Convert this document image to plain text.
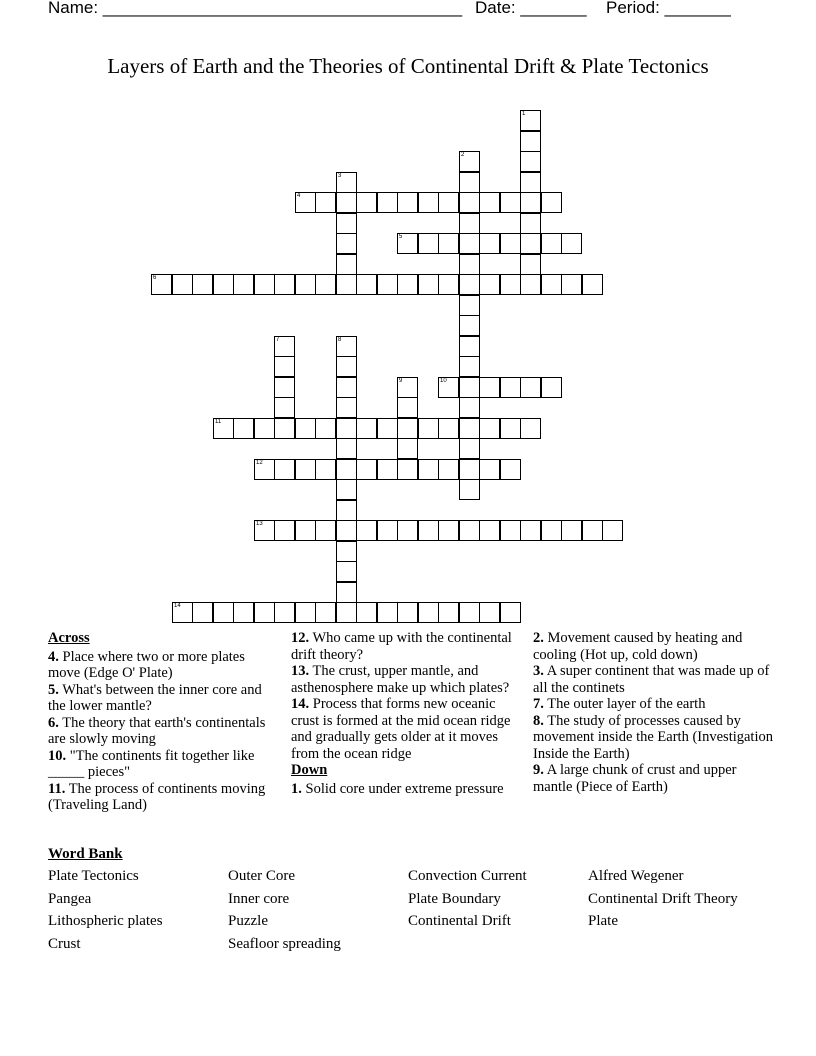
Name: ______________________________________

Date: _______

Period: _______

Layers of Earth and the Theories of Continental Drift & Plate Tectonics
1
2
3
4
5
6
7	8
9	10
11
12
13
14
Across
4. Place where two or more plates move (Edge O' Plate)
5. What's between the inner core and the lower mantle?
6. The theory that earth's continentals are slowly moving
10. "The continents fit together like _____ pieces"
11. The process of continents moving (Traveling Land)
12. Who came up with the continental drift theory?
13. The crust, upper mantle, and asthenosphere make up which plates?
14. Process that forms new oceanic crust is formed at the mid ocean ridge and gradually gets older at it moves from the ocean ridge
Down
1. Solid core under extreme pressure
2. Movement caused by heating and cooling (Hot up, cold down)
3. A super continent that was made up of all the continets
7. The outer layer of the earth
8. The study of processes caused by movement inside the Earth (Investigation Inside the Earth)
9. A large chunk of crust and upper mantle (Piece of Earth)
Word Bank
Plate Tectonics
Pangea
Lithospheric plates
Crust
Outer Core
Inner core
Puzzle
Seafloor spreading
Convection Current
Plate Boundary
Continental Drift
Alfred Wegener
Continental Drift Theory
Plate
